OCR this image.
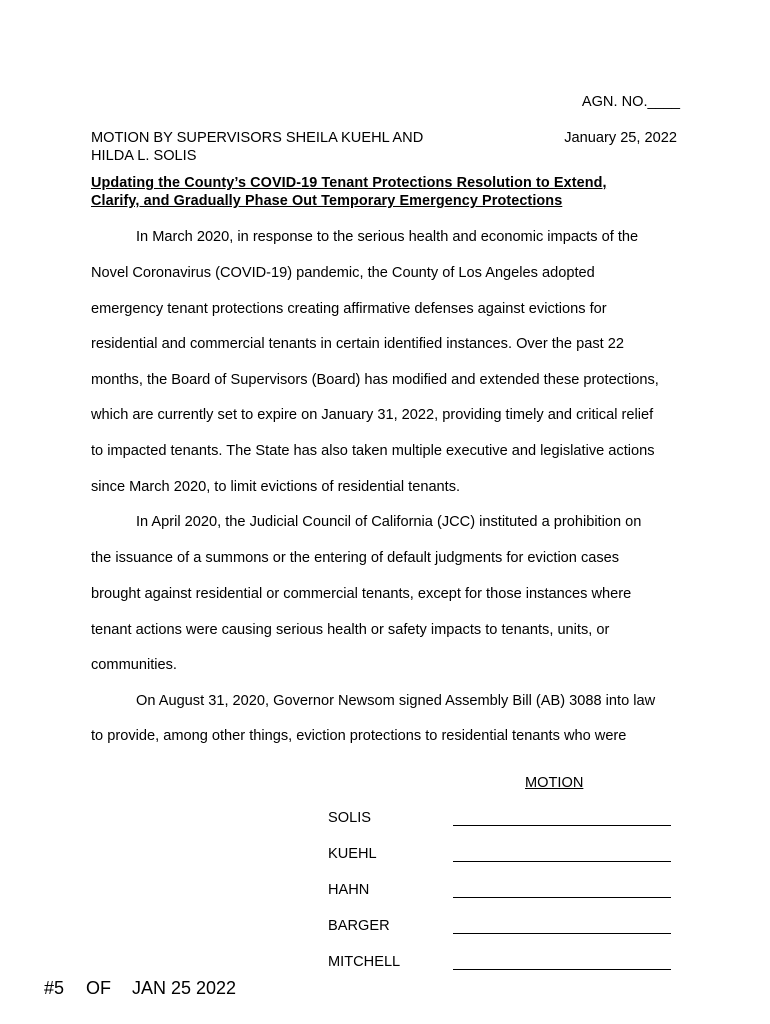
AGN. NO.____
MOTION BY SUPERVISORS SHEILA KUEHL AND
HILDA L. SOLIS
January 25, 2022
Updating the County’s COVID-19 Tenant Protections Resolution to Extend,
Clarify, and Gradually Phase Out Temporary Emergency Protections
In March 2020, in response to the serious health and economic impacts of the
Novel Coronavirus (COVID-19) pandemic, the County of Los Angeles adopted
emergency tenant protections creating affirmative defenses against evictions for
residential and commercial tenants in certain identified instances. Over the past 22
months, the Board of Supervisors (Board) has modified and extended these protections,
which are currently set to expire on January 31, 2022, providing timely and critical relief
to impacted tenants. The State has also taken multiple executive and legislative actions
since March 2020, to limit evictions of residential tenants.
In April 2020, the Judicial Council of California (JCC) instituted a prohibition on
the issuance of a summons or the entering of default judgments for eviction cases
brought against residential or commercial tenants, except for those instances where
tenant actions were causing serious health or safety impacts to tenants, units, or
communities.
On August 31, 2020, Governor Newsom signed Assembly Bill (AB) 3088 into law
to provide, among other things, eviction protections to residential tenants who were
MOTION
SOLIS
KUEHL
HAHN
BARGER
MITCHELL
#5 OF JAN 25 2022
